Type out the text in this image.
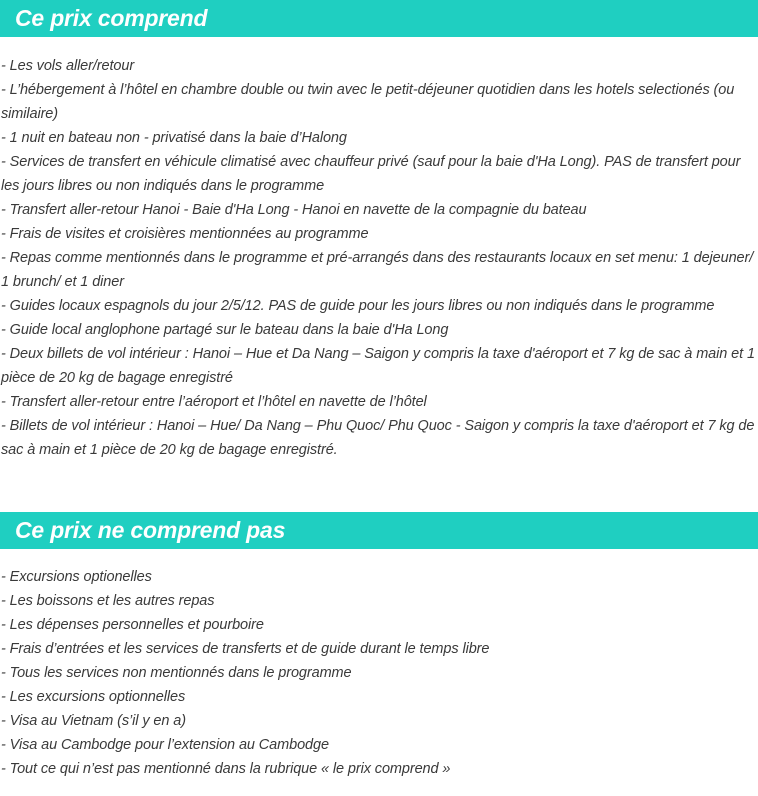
Ce prix comprend
- Les vols aller/retour
- L’hébergement à l’hôtel en chambre double ou twin avec le petit-déjeuner quotidien dans les hotels selectionés (ou similaire)
- 1 nuit en bateau non - privatisé dans la baie d’Halong
- Services de transfert en véhicule climatisé avec chauffeur privé (sauf pour la baie d'Ha Long). PAS de transfert pour les jours libres ou non indiqués dans le programme
- Transfert aller-retour Hanoi - Baie d'Ha Long - Hanoi en navette de la compagnie du bateau
- Frais de visites et croisières mentionnées au programme
- Repas comme mentionnés dans le programme et pré-arrangés dans des restaurants locaux en set menu: 1 dejeuner/ 1 brunch/ et 1 diner
- Guides locaux espagnols du jour 2/5/12. PAS de guide pour les jours libres ou non indiqués dans le programme
- Guide local anglophone partagé sur le bateau dans la baie d'Ha Long
- Deux billets de vol intérieur : Hanoi – Hue et Da Nang – Saigon y compris la taxe d'aéroport et 7 kg de sac à main et 1 pièce de 20 kg de bagage enregistré
- Transfert aller-retour entre l’aéroport et l’hôtel en navette de l’hôtel
- Billets de vol intérieur : Hanoi – Hue/ Da Nang – Phu Quoc/ Phu Quoc - Saigon y compris la taxe d'aéroport et 7 kg de sac à main et 1 pièce de 20 kg de bagage enregistré.
Ce prix ne comprend pas
- Excursions optionelles
- Les boissons et les autres repas
- Les dépenses personnelles et pourboire
- Frais d’entrées et les services de transferts et de guide durant le temps libre
- Tous les services non mentionnés dans le programme
- Les excursions optionnelles
- Visa au Vietnam (s’il y en a)
- Visa au Cambodge pour l’extension au Cambodge
- Tout ce qui n’est pas mentionné dans la rubrique « le prix comprend »
